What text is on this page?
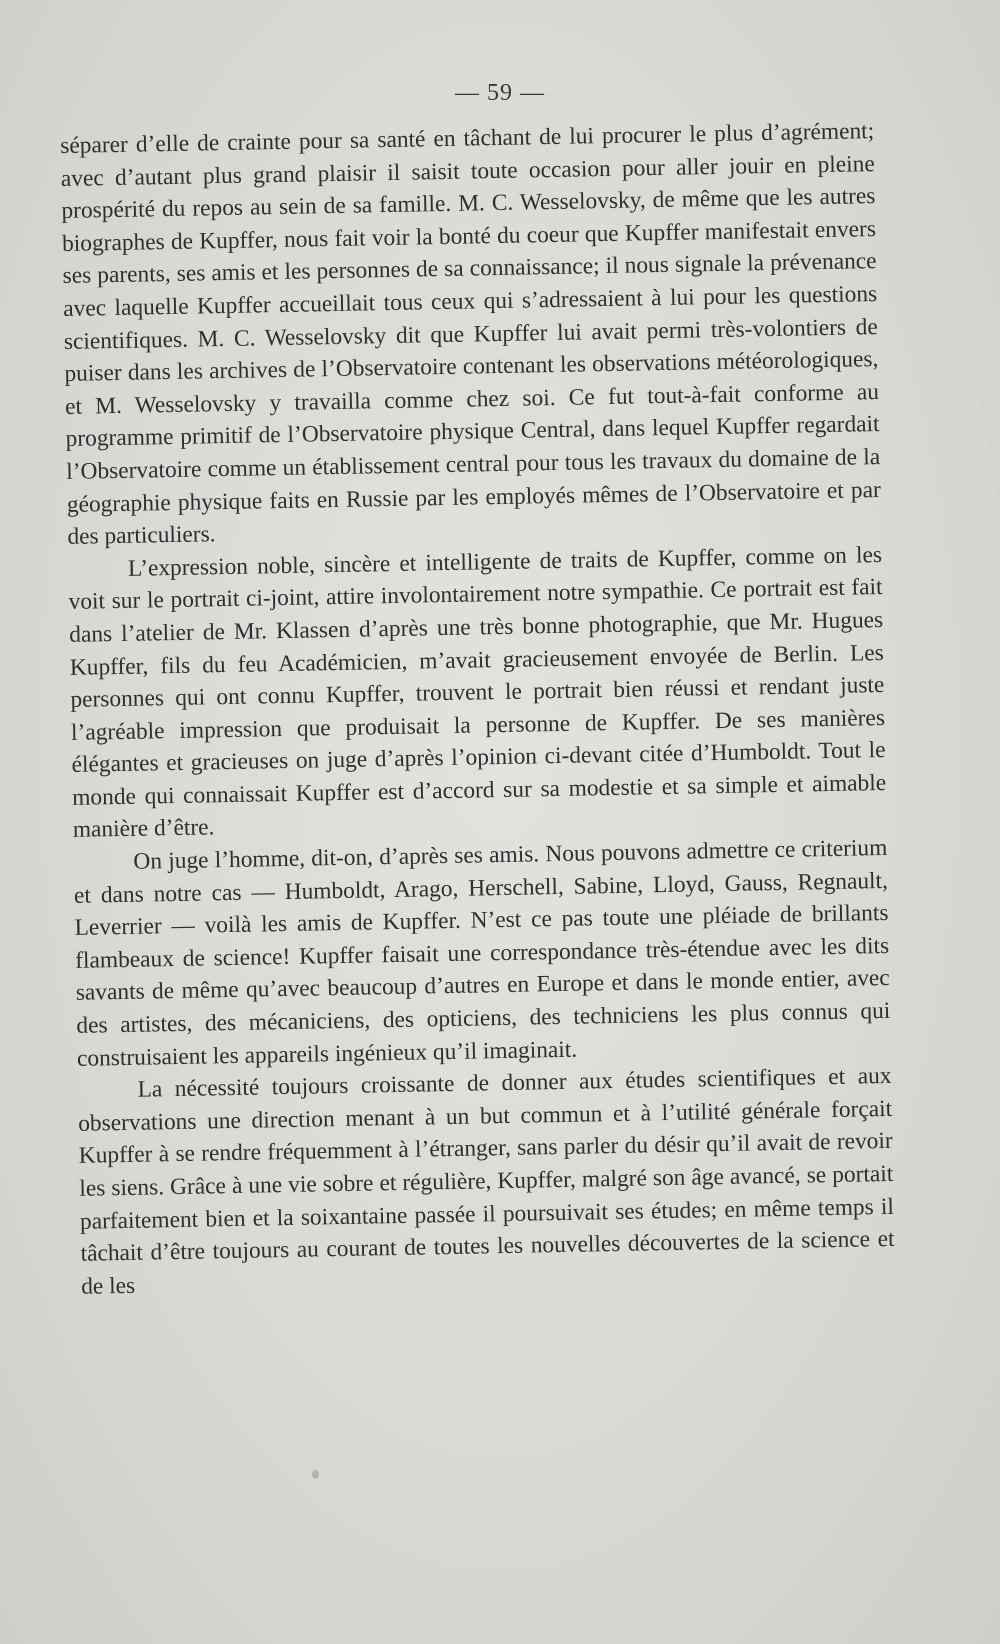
— 59 —

séparer d’elle de crainte pour sa santé en tâchant de lui procurer le plus d’agrément; avec d’autant plus grand plaisir il saisit toute occasion pour aller jouir en pleine prospérité du repos au sein de sa famille. M. C. Wesselovsky, de même que les autres biographes de Kupffer, nous fait voir la bonté du coeur que Kupffer manifestait envers ses parents, ses amis et les personnes de sa connaissance; il nous signale la prévenance avec laquelle Kupffer accueillait tous ceux qui s’adressaient à lui pour les questions scientifiques. M. C. Wesselovsky dit que Kupffer lui avait permi très-volontiers de puiser dans les archives de l’Observatoire contenant les observations météorologiques, et M. Wesselovsky y travailla comme chez soi. Ce fut tout-à-fait conforme au programme primitif de l’Observatoire physique Central, dans lequel Kupffer regardait l’Observatoire comme un établissement central pour tous les travaux du domaine de la géographie physique faits en Russie par les employés mêmes de l’Observatoire et par des particuliers.

L’expression noble, sincère et intelligente de traits de Kupffer, comme on les voit sur le portrait ci-joint, attire involontairement notre sympathie. Ce portrait est fait dans l’atelier de Mr. Klassen d’après une très bonne photographie, que Mr. Hugues Kupffer, fils du feu Académicien, m’avait gracieusement envoyée de Berlin. Les personnes qui ont connu Kupffer, trouvent le portrait bien réussi et rendant juste l’agréable impression que produisait la personne de Kupffer. De ses manières élégantes et gracieuses on juge d’après l’opinion ci-devant citée d’Humboldt. Tout le monde qui connaissait Kupffer est d’accord sur sa modestie et sa simple et aimable manière d’être.

On juge l’homme, dit-on, d’après ses amis. Nous pouvons admettre ce criterium et dans notre cas — Humboldt, Arago, Herschell, Sabine, Lloyd, Gauss, Regnault, Leverrier — voilà les amis de Kupffer. N’est ce pas toute une pléiade de brillants flambeaux de science! Kupffer faisait une correspondance très-étendue avec les dits savants de même qu’avec beaucoup d’autres en Europe et dans le monde entier, avec des artistes, des mécaniciens, des opticiens, des techniciens les plus connus qui construisaient les appareils ingénieux qu’il imaginait.

La nécessité toujours croissante de donner aux études scientifiques et aux observations une direction menant à un but commun et à l’utilité générale forçait Kupffer à se rendre fréquemment à l’étranger, sans parler du désir qu’il avait de revoir les siens. Grâce à une vie sobre et régulière, Kupffer, malgré son âge avancé, se portait parfaitement bien et la soixantaine passée il poursuivait ses études; en même temps il tâchait d’être toujours au courant de toutes les nouvelles découvertes de la science et de les
